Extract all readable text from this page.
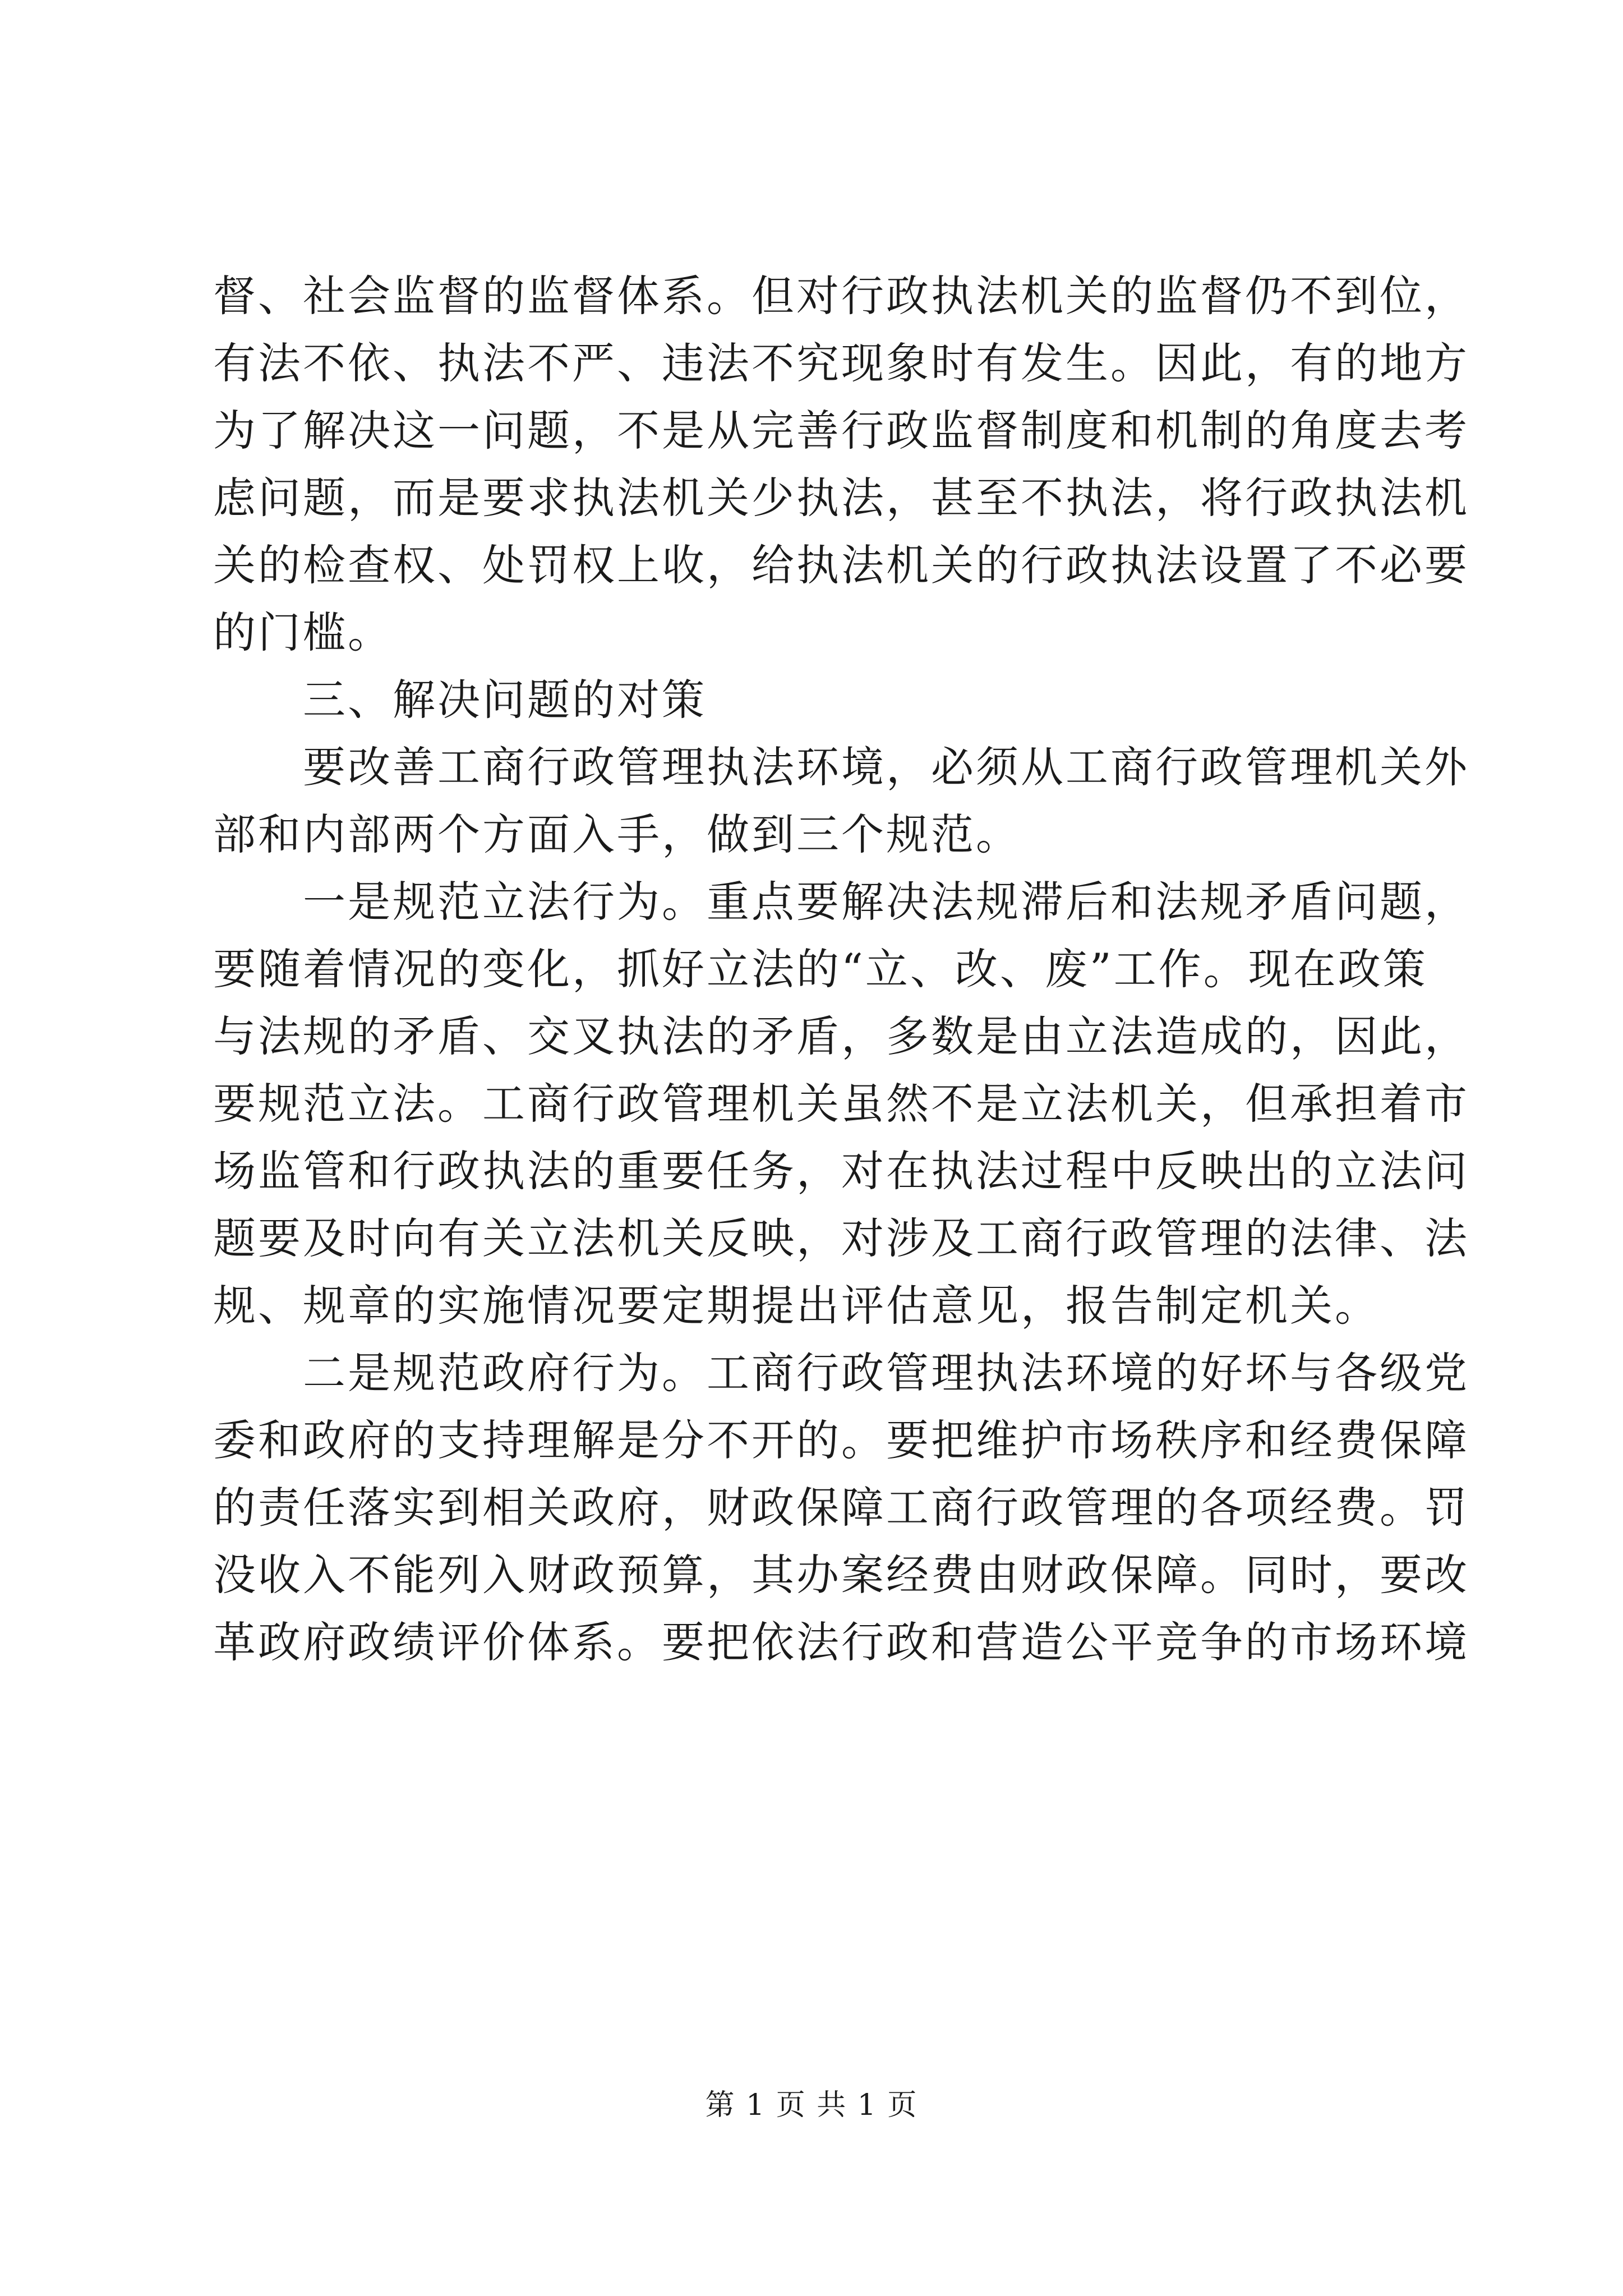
督、社会监督的监督体系。但对行政执法机关的监督仍不到位，
有法不依、执法不严、违法不究现象时有发生。因此，有的地方
为了解决这一问题，不是从完善行政监督制度和机制的角度去考
虑问题，而是要求执法机关少执法，甚至不执法，将行政执法机
关的检查权、处罚权上收，给执法机关的行政执法设置了不必要
的门槛。
三、解决问题的对策
要改善工商行政管理执法环境，必须从工商行政管理机关外
部和内部两个方面入手，做到三个规范。
一是规范立法行为。重点要解决法规滞后和法规矛盾问题，
要随着情况的变化，抓好立法的“立、改、废”工作。现在政策
与法规的矛盾、交叉执法的矛盾，多数是由立法造成的，因此，
要规范立法。工商行政管理机关虽然不是立法机关，但承担着市
场监管和行政执法的重要任务，对在执法过程中反映出的立法问
题要及时向有关立法机关反映，对涉及工商行政管理的法律、法
规、规章的实施情况要定期提出评估意见，报告制定机关。
二是规范政府行为。工商行政管理执法环境的好坏与各级党
委和政府的支持理解是分不开的。要把维护市场秩序和经费保障
的责任落实到相关政府，财政保障工商行政管理的各项经费。罚
没收入不能列入财政预算，其办案经费由财政保障。同时，要改
革政府政绩评价体系。要把依法行政和营造公平竞争的市场环境
第 1 页 共 1 页
